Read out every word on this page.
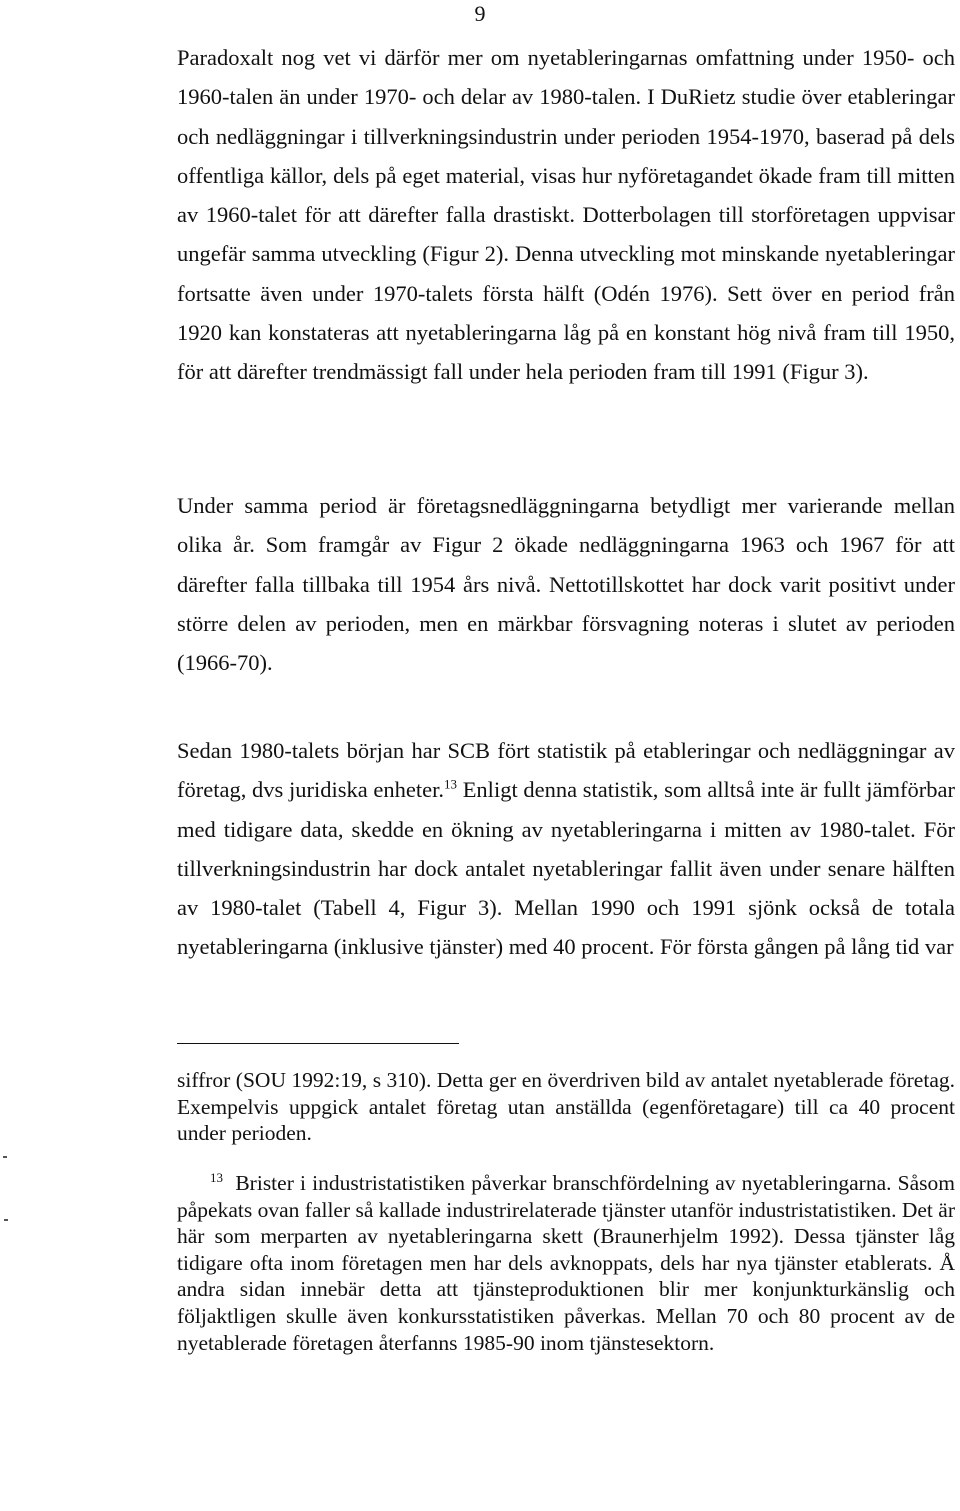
9

Paradoxalt nog vet vi därför mer om nyetableringarnas omfattning under 1950- och 1960-talen än under 1970- och delar av 1980-talen. I DuRietz studie över etableringar och nedläggningar i tillverkningsindustrin under perioden 1954-1970, baserad på dels offentliga källor, dels på eget material, visas hur nyföretagandet ökade fram till mitten av 1960-talet för att därefter falla drastiskt. Dotterbolagen till storföretagen uppvisar ungefär samma utveckling (Figur 2). Denna utveckling mot minskande nyetableringar fortsatte även under 1970-talets första hälft (Odén 1976). Sett över en period från 1920 kan konstateras att nyetableringarna låg på en konstant hög nivå fram till 1950, för att därefter trendmässigt fall under hela perioden fram till 1991 (Figur 3).

Under samma period är företagsnedläggningarna betydligt mer varierande mellan olika år. Som framgår av Figur 2 ökade nedläggningarna 1963 och 1967 för att därefter falla tillbaka till 1954 års nivå. Nettotillskottet har dock varit positivt under större delen av perioden, men en märkbar försvagning noteras i slutet av perioden (1966-70).

Sedan 1980-talets början har SCB fört statistik på etableringar och nedläggningar av företag, dvs juridiska enheter.$^{13}$ Enligt denna statistik, som alltså inte är fullt jämförbar med tidigare data, skedde en ökning av nyetableringarna i mitten av 1980-talet. För tillverkningsindustrin har dock antalet nyetableringar fallit även under senare hälften av 1980-talet (Tabell 4, Figur 3). Mellan 1990 och 1991 sjönk också de totala nyetableringarna (inklusive tjänster) med 40 procent. För första gången på lång tid var

siffror (SOU 1992:19, s 310). Detta ger en överdriven bild av antalet nyetablerade företag. Exempelvis uppgick antalet företag utan anställda (egenföretagare) till ca 40 procent under perioden.

$^{13}$ Brister i industristatistiken påverkar branschfördelning av nyetableringarna. Såsom påpekats ovan faller så kallade industrirelaterade tjänster utanför industristatistiken. Det är här som merparten av nyetableringarna skett (Braunerhjelm 1992). Dessa tjänster låg tidigare ofta inom företagen men har dels avknoppats, dels har nya tjänster etablerats. Å andra sidan innebär detta att tjänsteproduktionen blir mer konjunkturkänslig och följaktligen skulle även konkursstatistiken påverkas. Mellan 70 och 80 procent av de nyetablerade företagen återfanns 1985-90 inom tjänstesektorn.
